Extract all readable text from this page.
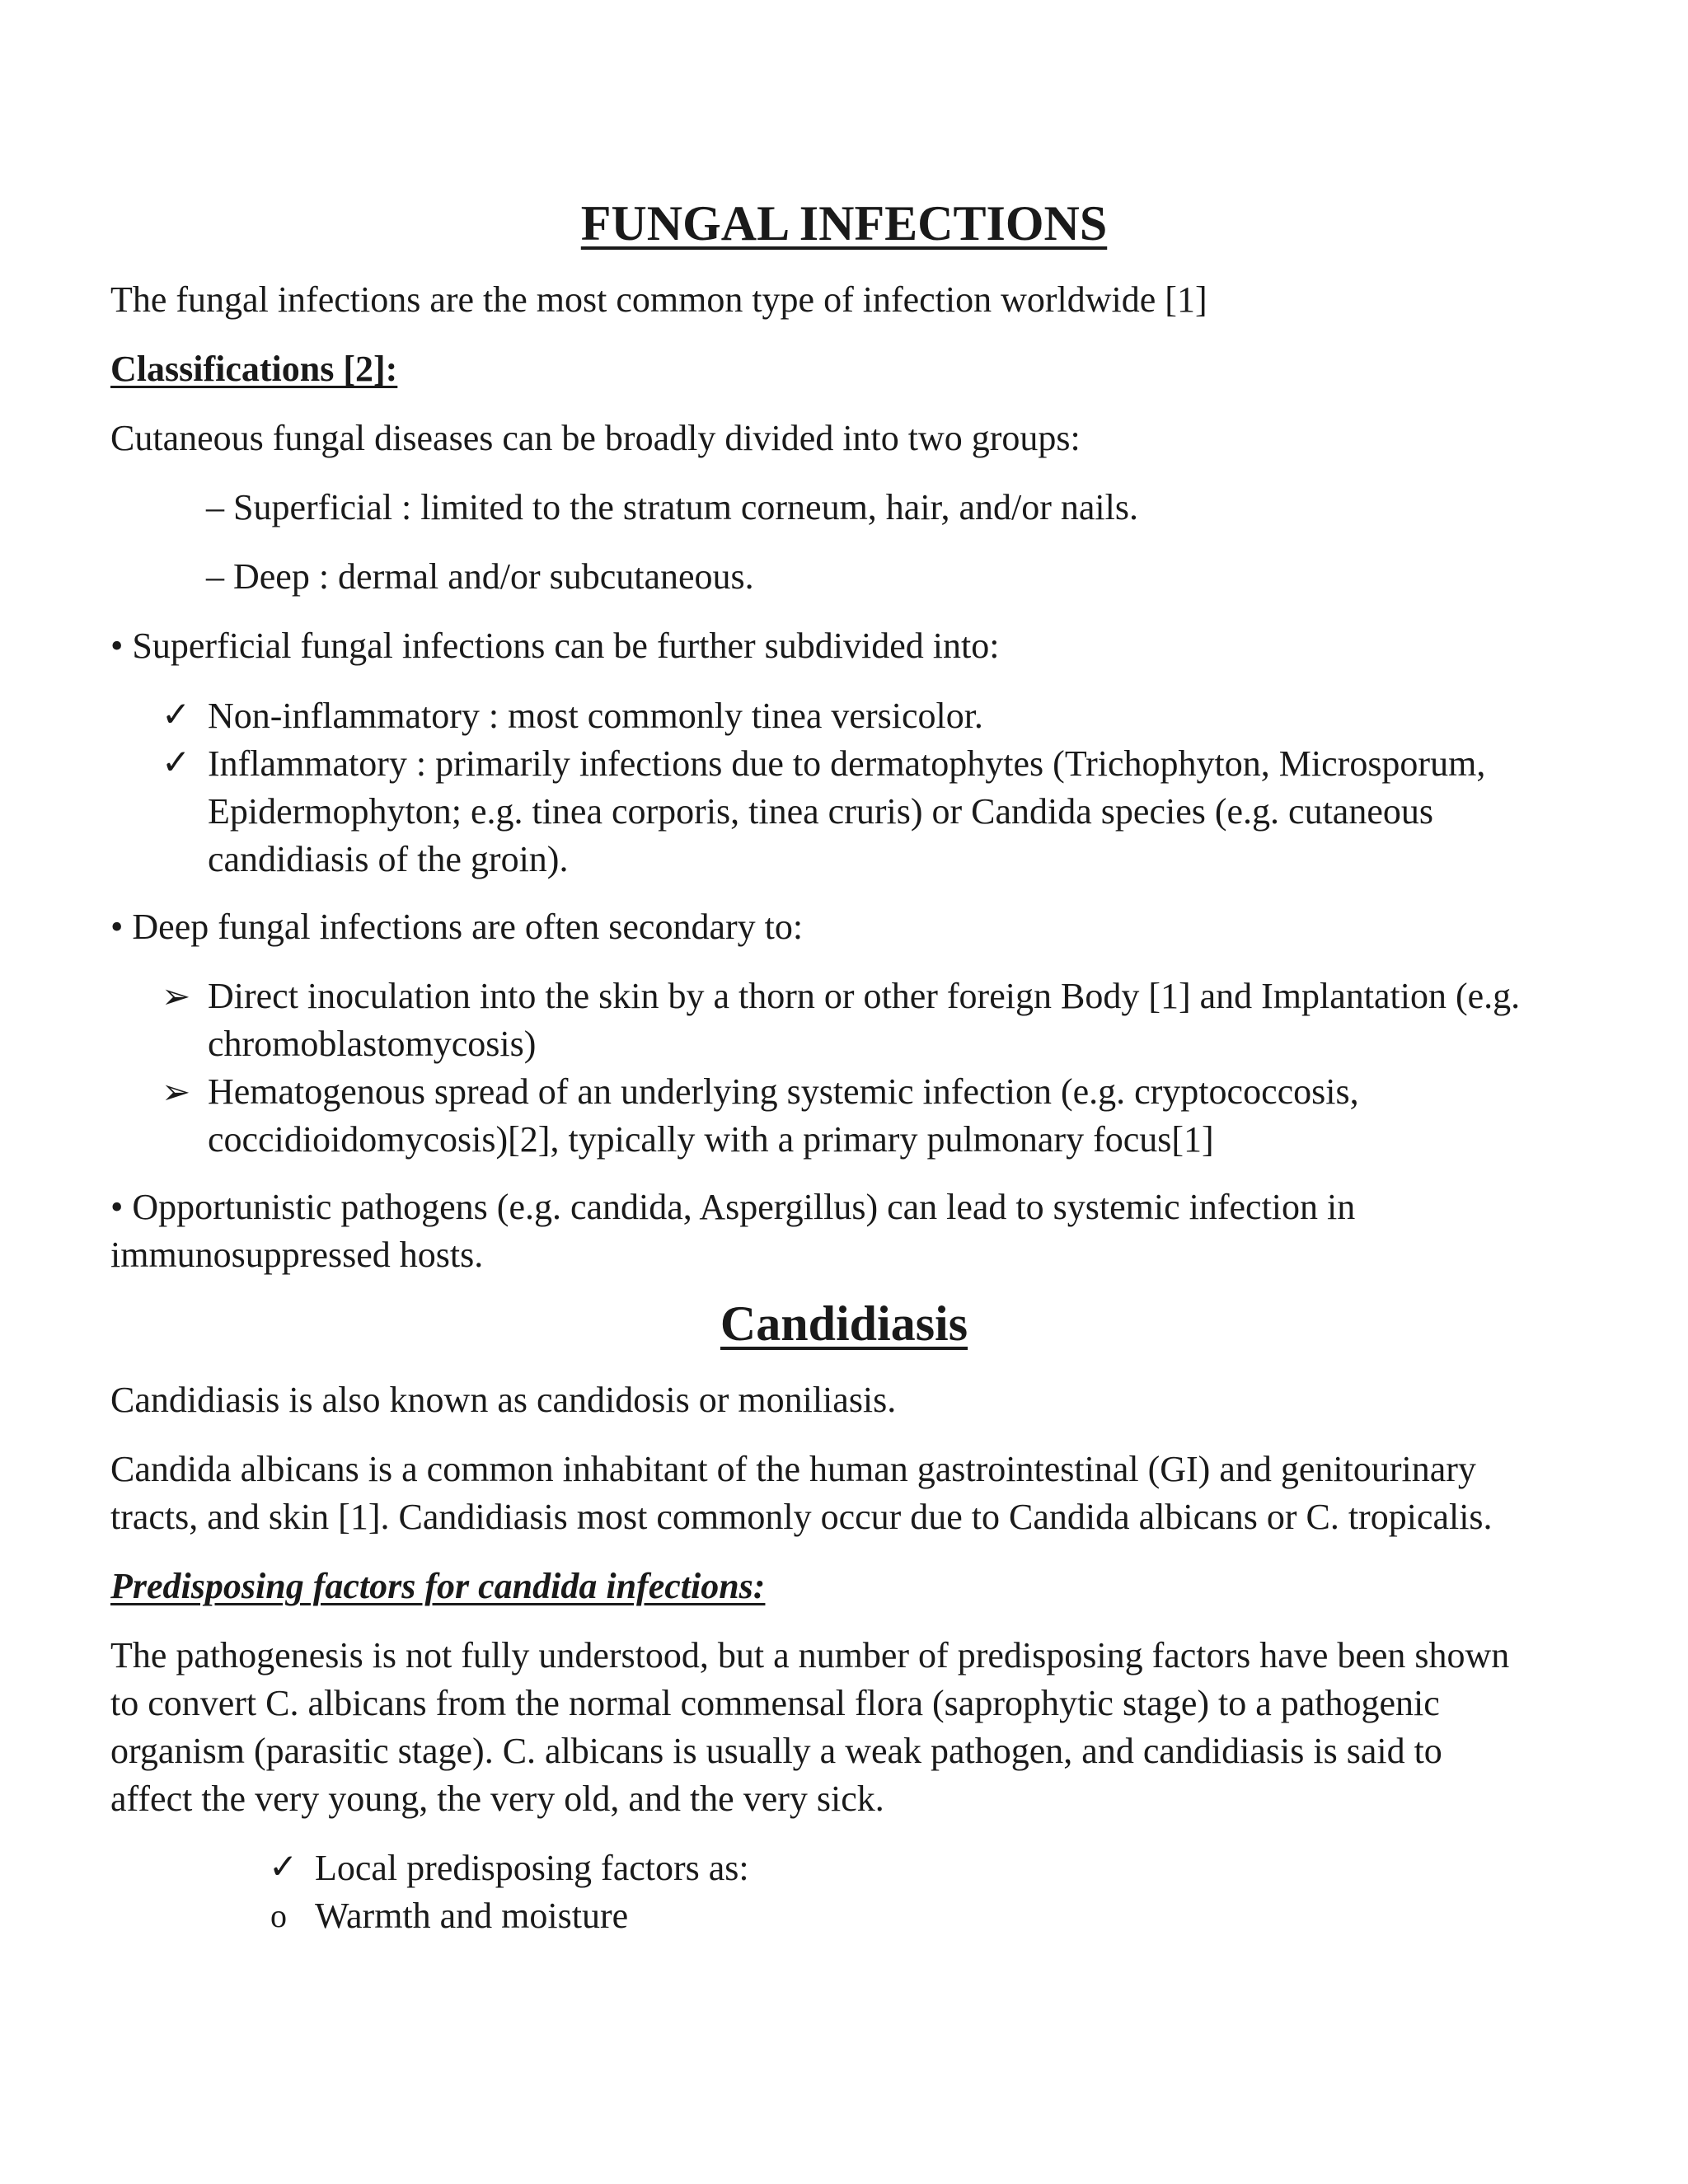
FUNGAL INFECTIONS

The fungal infections are the most common type of infection worldwide [1]

Classifications [2]:

Cutaneous fungal diseases can be broadly divided into two groups:

– Superficial : limited to the stratum corneum, hair, and/or nails.

– Deep : dermal and/or subcutaneous.

• Superficial fungal infections can be further subdivided into:

✓ Non-inflammatory : most commonly tinea versicolor.

✓ Inflammatory : primarily infections due to dermatophytes (Trichophyton, Microsporum,

Epidermophyton; e.g. tinea corporis, tinea cruris) or Candida species (e.g. cutaneous

candidiasis of the groin).

• Deep fungal infections are often secondary to:

➢ Direct inoculation into the skin by a thorn or other foreign Body [1] and Implantation (e.g.

chromoblastomycosis)

➢ Hematogenous spread of an underlying systemic infection (e.g. cryptococcosis,

coccidioidomycosis)[2], typically with a primary pulmonary focus[1]

• Opportunistic pathogens (e.g. candida, Aspergillus) can lead to systemic infection in

immunosuppressed hosts.

Candidiasis

Candidiasis is also known as candidosis or moniliasis.

Candida albicans is a common inhabitant of the human gastrointestinal (GI) and genitourinary

tracts, and skin [1]. Candidiasis most commonly occur due to Candida albicans or C. tropicalis.

Predisposing factors for candida infections:

The pathogenesis is not fully understood, but a number of predisposing factors have been shown

to convert C. albicans from the normal commensal flora (saprophytic stage) to a pathogenic

organism (parasitic stage). C. albicans is usually a weak pathogen, and candidiasis is said to

affect the very young, the very old, and the very sick.

✓ Local predisposing factors as:

o Warmth and moisture
